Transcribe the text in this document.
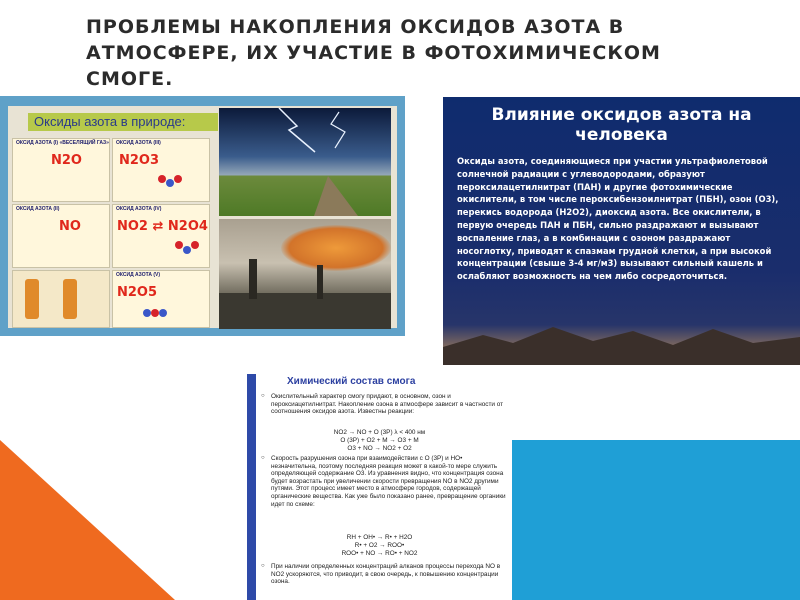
ПРОБЛЕМЫ НАКОПЛЕНИЯ ОКСИДОВ АЗОТА В АТМОСФЕРЕ, ИХ УЧАСТИЕ В ФОТОХИМИЧЕСКОМ СМОГЕ.
Оксиды азота в природе:
ОКСИД АЗОТА (I) «ВЕСЕЛЯЩИЙ ГАЗ»
N2O
ОКСИД АЗОТА (III)
N2O3
ОКСИД АЗОТА (II)
NO
ОКСИД АЗОТА (IV)
NO2 ⇄ N2O4
ОКСИД АЗОТА (V)
N2O5
Влияние оксидов азота на человека

Оксиды азота, соединяющиеся при участии ультрафиолетовой солнечной радиации с углеводородами, образуют пероксилацетилнитрат (ПАН) и другие фотохимические окислители, в том числе пероксибензоилнитрат (ПБН), озон (О3), перекись водорода (Н2О2), диоксид азота. Все окислители, в первую очередь ПАН и ПБН, сильно раздражают и вызывают воспаление глаз, а в комбинации с озоном раздражают носоглотку, приводят к спазмам грудной клетки, а при высокой концентрации (свыше 3-4 мг/м3) вызывают сильный кашель и ослабляют возможность на чем либо сосредоточиться.

Химический состав смога
○ Окислительный характер смогу придают, в основном, озон и пероксиацетилнитрат. Накопление озона в атмосфере зависит в частности от соотношения оксидов азота. Известны реакции:
NO2 → NO + O (3P) λ < 400 нм
O (3P) + O2 + M → O3 + M
O3 + NO → NO2 + O2
○ Скорость разрушения озона при взаимодействии с O (3P) и HO• незначительна, поэтому последняя реакция может в какой-то мере служить определяющей содержание O3. Из уравнения видно, что концентрация озона будет возрастать при увеличении скорости превращения NO в NO2 другими путями. Этот процесс имеет место в атмосфере городов, содержащей органические вещества. Как уже было показано ранее, превращение органики идет по схеме:
RH + OH• → R• + H2O
R• + O2 → ROO•
ROO• + NO → RO• + NO2
○ При наличии определенных концентраций алканов процессы перехода NO в NO2 ускоряются, что приводит, в свою очередь, к повышению концентрации озона.
